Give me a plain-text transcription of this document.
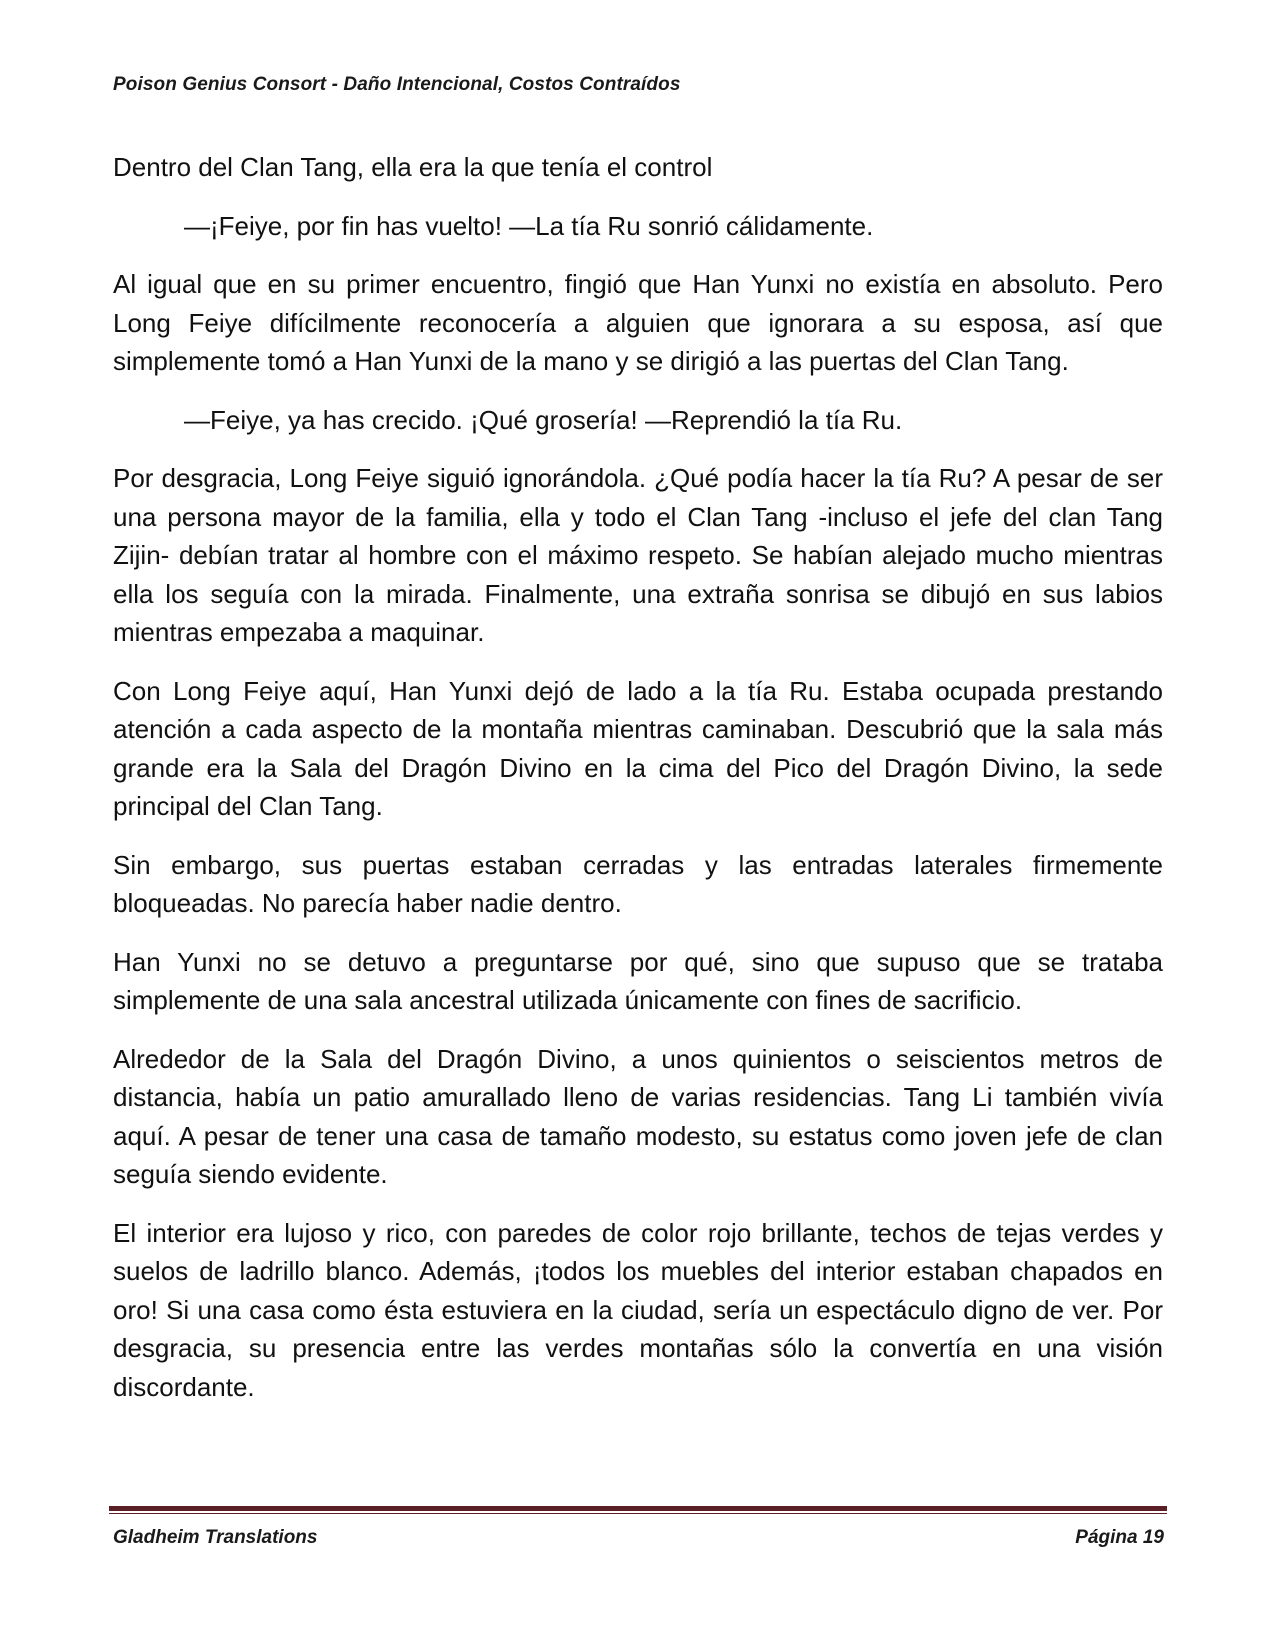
Poison Genius Consort - Daño Intencional, Costos Contraídos

Dentro del Clan Tang, ella era la que tenía el control

—¡Feiye, por fin has vuelto! —La tía Ru sonrió cálidamente.

Al igual que en su primer encuentro, fingió que Han Yunxi no existía en absoluto. Pero Long Feiye difícilmente reconocería a alguien que ignorara a su esposa, así que simplemente tomó a Han Yunxi de la mano y se dirigió a las puertas del Clan Tang.

—Feiye, ya has crecido. ¡Qué grosería! —Reprendió la tía Ru.

Por desgracia, Long Feiye siguió ignorándola. ¿Qué podía hacer la tía Ru? A pesar de ser una persona mayor de la familia, ella y todo el Clan Tang -incluso el jefe del clan Tang Zijin- debían tratar al hombre con el máximo respeto. Se habían alejado mucho mientras ella los seguía con la mirada. Finalmente, una extraña sonrisa se dibujó en sus labios mientras empezaba a maquinar.

Con Long Feiye aquí, Han Yunxi dejó de lado a la tía Ru. Estaba ocupada prestando atención a cada aspecto de la montaña mientras caminaban. Descubrió que la sala más grande era la Sala del Dragón Divino en la cima del Pico del Dragón Divino, la sede principal del Clan Tang.

Sin embargo, sus puertas estaban cerradas y las entradas laterales firmemente bloqueadas. No parecía haber nadie dentro.

Han Yunxi no se detuvo a preguntarse por qué, sino que supuso que se trataba simplemente de una sala ancestral utilizada únicamente con fines de sacrificio.

Alrededor de la Sala del Dragón Divino, a unos quinientos o seiscientos metros de distancia, había un patio amurallado lleno de varias residencias. Tang Li también vivía aquí. A pesar de tener una casa de tamaño modesto, su estatus como joven jefe de clan seguía siendo evidente.

El interior era lujoso y rico, con paredes de color rojo brillante, techos de tejas verdes y suelos de ladrillo blanco. Además, ¡todos los muebles del interior estaban chapados en oro! Si una casa como ésta estuviera en la ciudad, sería un espectáculo digno de ver. Por desgracia, su presencia entre las verdes montañas sólo la convertía en una visión discordante.

Gladheim Translations	Página 19
